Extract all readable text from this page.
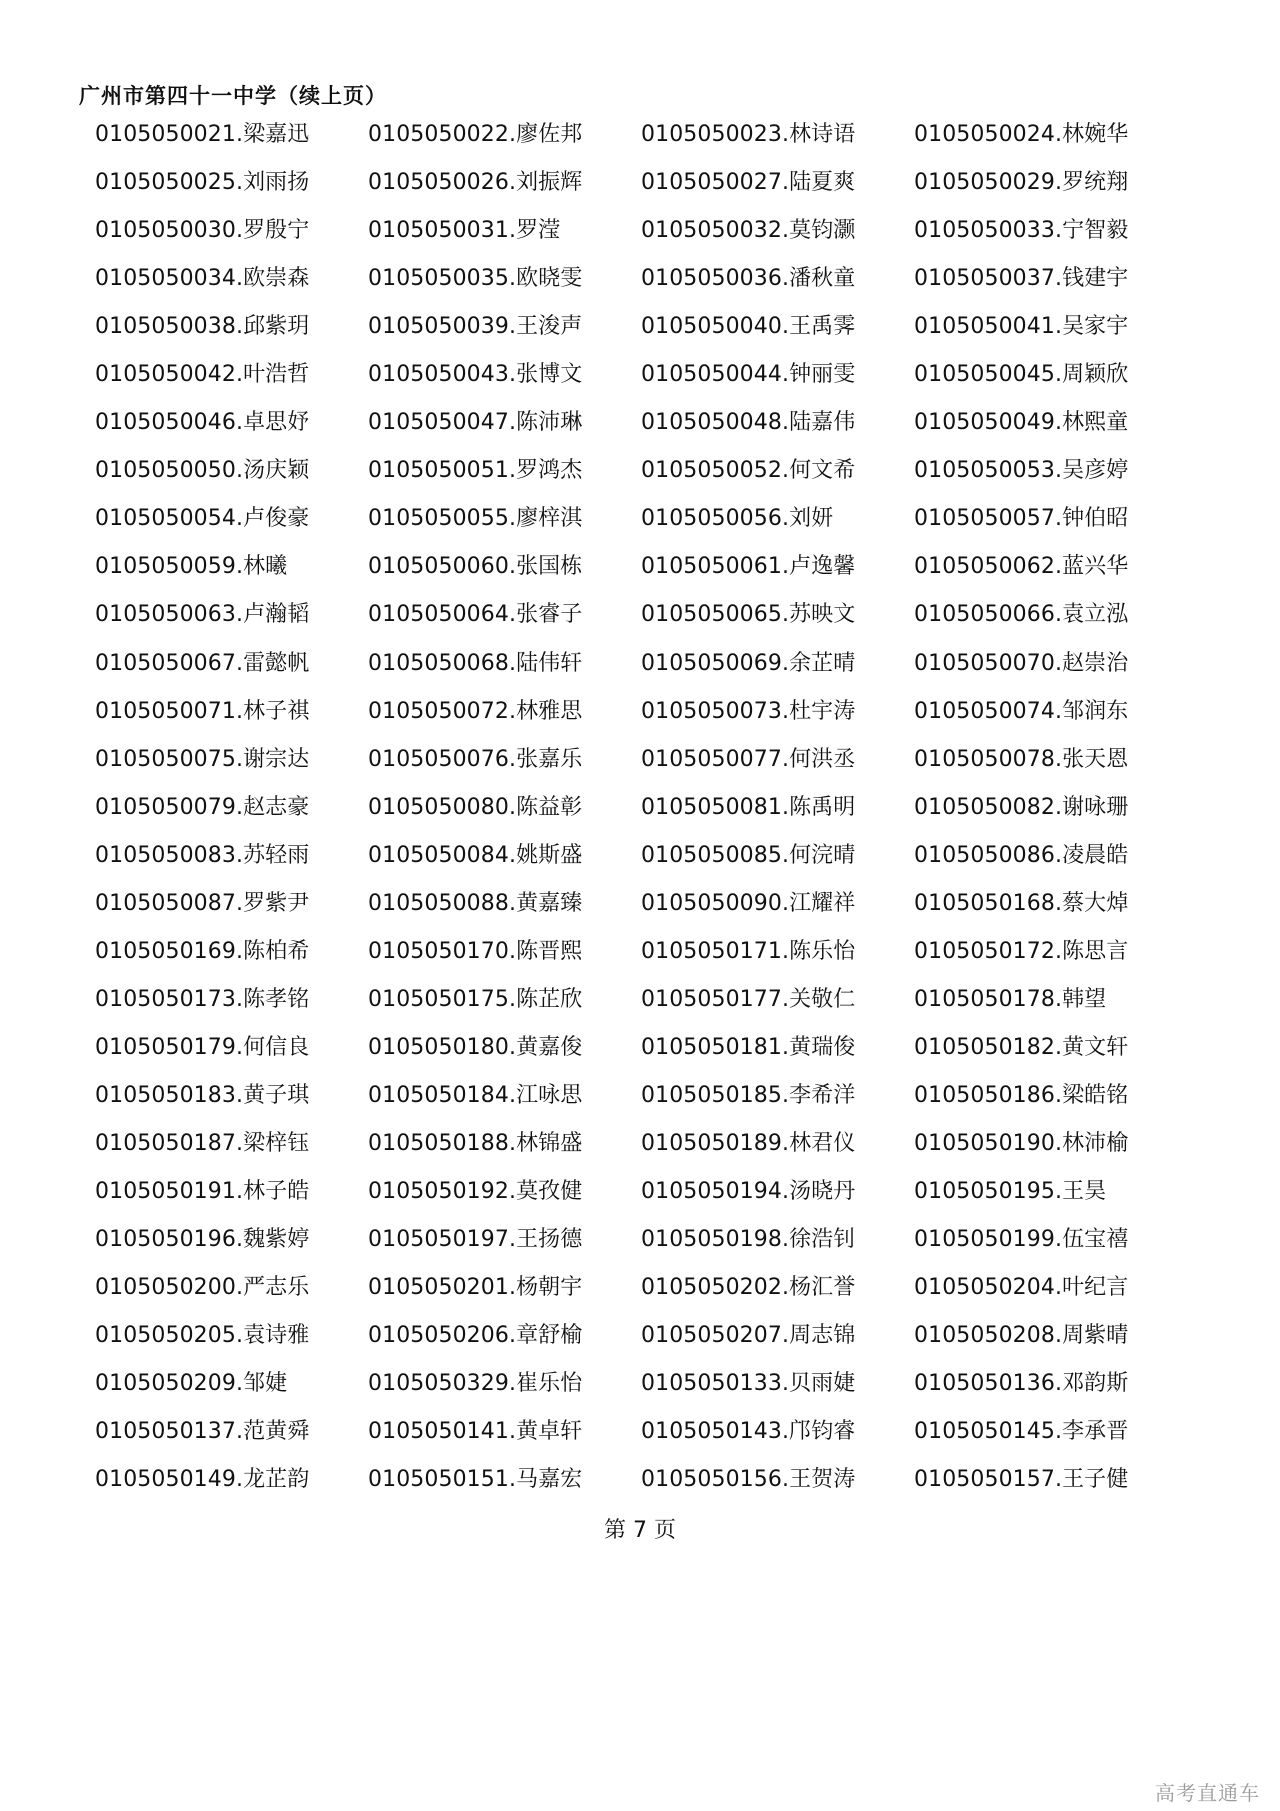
广州市第四十一中学（续上页）
0105050021.梁嘉迅	0105050022.廖佐邦	0105050023.林诗语	0105050024.林婉华
0105050025.刘雨扬	0105050026.刘振辉	0105050027.陆夏爽	0105050029.罗统翔
0105050030.罗殷宁	0105050031.罗滢	0105050032.莫钧灏	0105050033.宁智毅
0105050034.欧崇森	0105050035.欧晓雯	0105050036.潘秋童	0105050037.钱建宇
0105050038.邱紫玥	0105050039.王浚声	0105050040.王禹霁	0105050041.吴家宇
0105050042.叶浩哲	0105050043.张博文	0105050044.钟丽雯	0105050045.周颖欣
0105050046.卓思妤	0105050047.陈沛琳	0105050048.陆嘉伟	0105050049.林熙童
0105050050.汤庆颖	0105050051.罗鸿杰	0105050052.何文希	0105050053.吴彦婷
0105050054.卢俊豪	0105050055.廖梓淇	0105050056.刘妍	0105050057.钟伯昭
0105050059.林曦	0105050060.张国栋	0105050061.卢逸馨	0105050062.蓝兴华
0105050063.卢瀚韬	0105050064.张睿子	0105050065.苏映文	0105050066.袁立泓
0105050067.雷懿帆	0105050068.陆伟轩	0105050069.余芷晴	0105050070.赵崇治
0105050071.林子祺	0105050072.林雅思	0105050073.杜宇涛	0105050074.邹润东
0105050075.谢宗达	0105050076.张嘉乐	0105050077.何洪丞	0105050078.张天恩
0105050079.赵志豪	0105050080.陈益彰	0105050081.陈禹明	0105050082.谢咏珊
0105050083.苏轻雨	0105050084.姚斯盛	0105050085.何浣晴	0105050086.凌晨皓
0105050087.罗紫尹	0105050088.黄嘉臻	0105050090.江耀祥	0105050168.蔡大焯
0105050169.陈柏希	0105050170.陈晋熙	0105050171.陈乐怡	0105050172.陈思言
0105050173.陈孝铭	0105050175.陈芷欣	0105050177.关敬仁	0105050178.韩望
0105050179.何信良	0105050180.黄嘉俊	0105050181.黄瑞俊	0105050182.黄文轩
0105050183.黄子琪	0105050184.江咏思	0105050185.李希洋	0105050186.梁皓铭
0105050187.梁梓钰	0105050188.林锦盛	0105050189.林君仪	0105050190.林沛榆
0105050191.林子皓	0105050192.莫孜健	0105050194.汤晓丹	0105050195.王昊
0105050196.魏紫婷	0105050197.王扬德	0105050198.徐浩钊	0105050199.伍宝禧
0105050200.严志乐	0105050201.杨朝宇	0105050202.杨汇誉	0105050204.叶纪言
0105050205.袁诗雅	0105050206.章舒榆	0105050207.周志锦	0105050208.周紫晴
0105050209.邹婕	0105050329.崔乐怡	0105050133.贝雨婕	0105050136.邓韵斯
0105050137.范黄舜	0105050141.黄卓轩	0105050143.邝钧睿	0105050145.李承晋
0105050149.龙芷韵	0105050151.马嘉宏	0105050156.王贺涛	0105050157.王子健
第 7 页
高考直通车
